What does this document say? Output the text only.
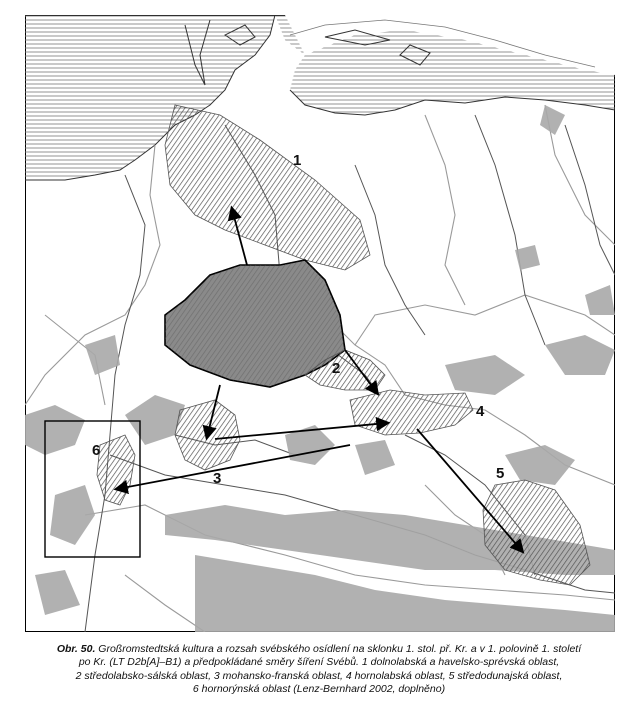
1
2
3
4
5
6
Obr. 50. Großromstedtská kultura a rozsah svébského osídlení na sklonku 1. stol. př. Kr. a v 1. polovině 1. století
po Kr. (LT D2b[A]–B1) a předpokládané směry šíření Svébů. 1 dolnolabská a havelsko-sprévská oblast,
2 středolabsko-sálská oblast, 3 mohansko-franská oblast, 4 hornolabská oblast, 5 středodunajská oblast,
6 hornorýnská oblast (Lenz-Bernhard 2002, doplněno)
